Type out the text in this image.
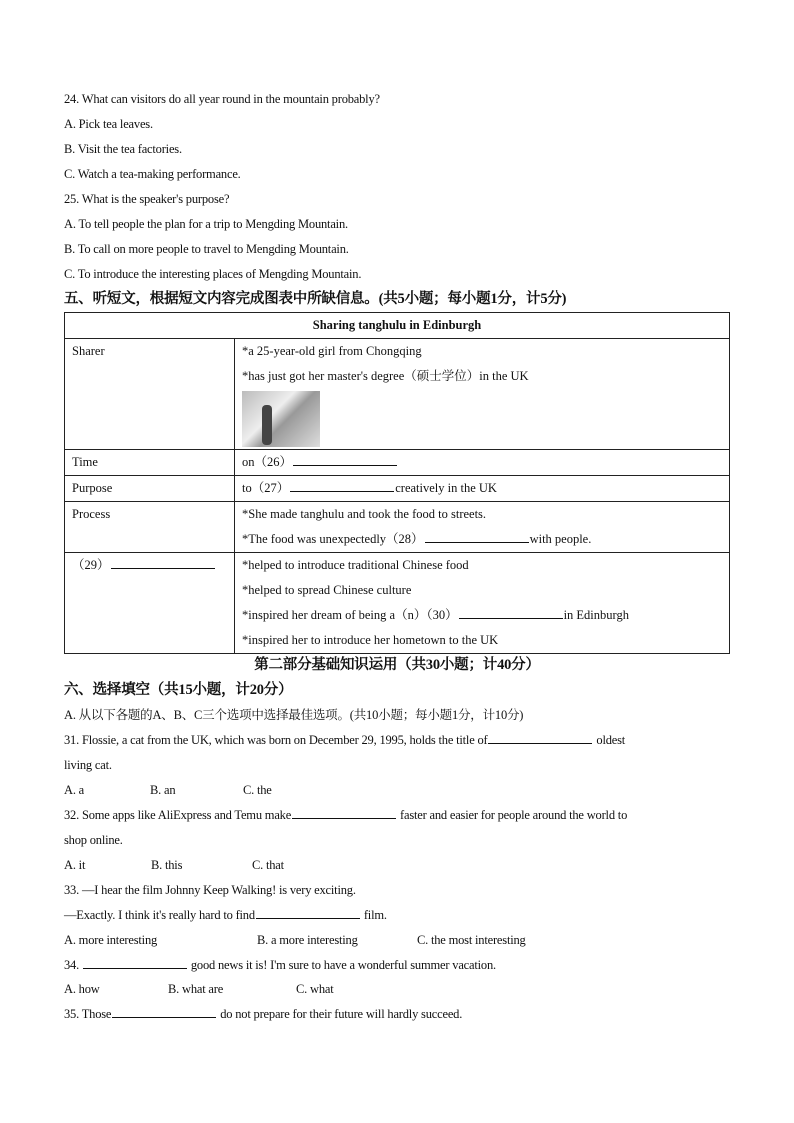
24. What can visitors do all year round in the mountain probably?
A. Pick tea leaves.
B. Visit the tea factories.
C. Watch a tea-making performance.
25. What is the speaker's purpose?
A. To tell people the plan for a trip to Mengding Mountain.
B. To call on more people to travel to Mengding Mountain.
C. To introduce the interesting places of Mengding Mountain.
五、听短文，根据短文内容完成图表中所缺信息。(共5小题；每小题1分，计5分)
Sharing tanghulu in Edinburgh	
Sharer	*a 25-year-old girl from Chongqing
*has just got her master's degree（硕士学位）in the UK

Time	on（26）

Purpose	to（27） creatively in the UK

Process	*She made tanghulu and took the food to streets.
*The food was unexpectedly（28） with people.

（29）	*helped to introduce traditional Chinese food
*helped to spread Chinese culture
*inspired her dream of being a（n）（30） in Edinburgh
*inspired her to introduce her hometown to the UK
第二部分基础知识运用（共30小题；计40分）
六、选择填空（共15小题，计20分）
A. 从以下各题的A、B、C三个选项中选择最佳选项。(共10小题；每小题1分，计10分)
31. Flossie, a cat from the UK, which was born on December 29, 1995, holds the title of	oldest
living cat.
A. a	B. an	C. the
32. Some apps like AliExpress and Temu make	faster and easier for people around the world to
shop online.
A. it	B. this	C. that
33. —I hear the film Johnny Keep Walking! is very exciting.
—Exactly. I think it's really hard to find	film.
A. more interesting	B. a more interesting	C. the most interesting
34.	good news it is! I'm sure to have a wonderful summer vacation.
A. how	B. what are	C. what
35. Those	do not prepare for their future will hardly succeed.
